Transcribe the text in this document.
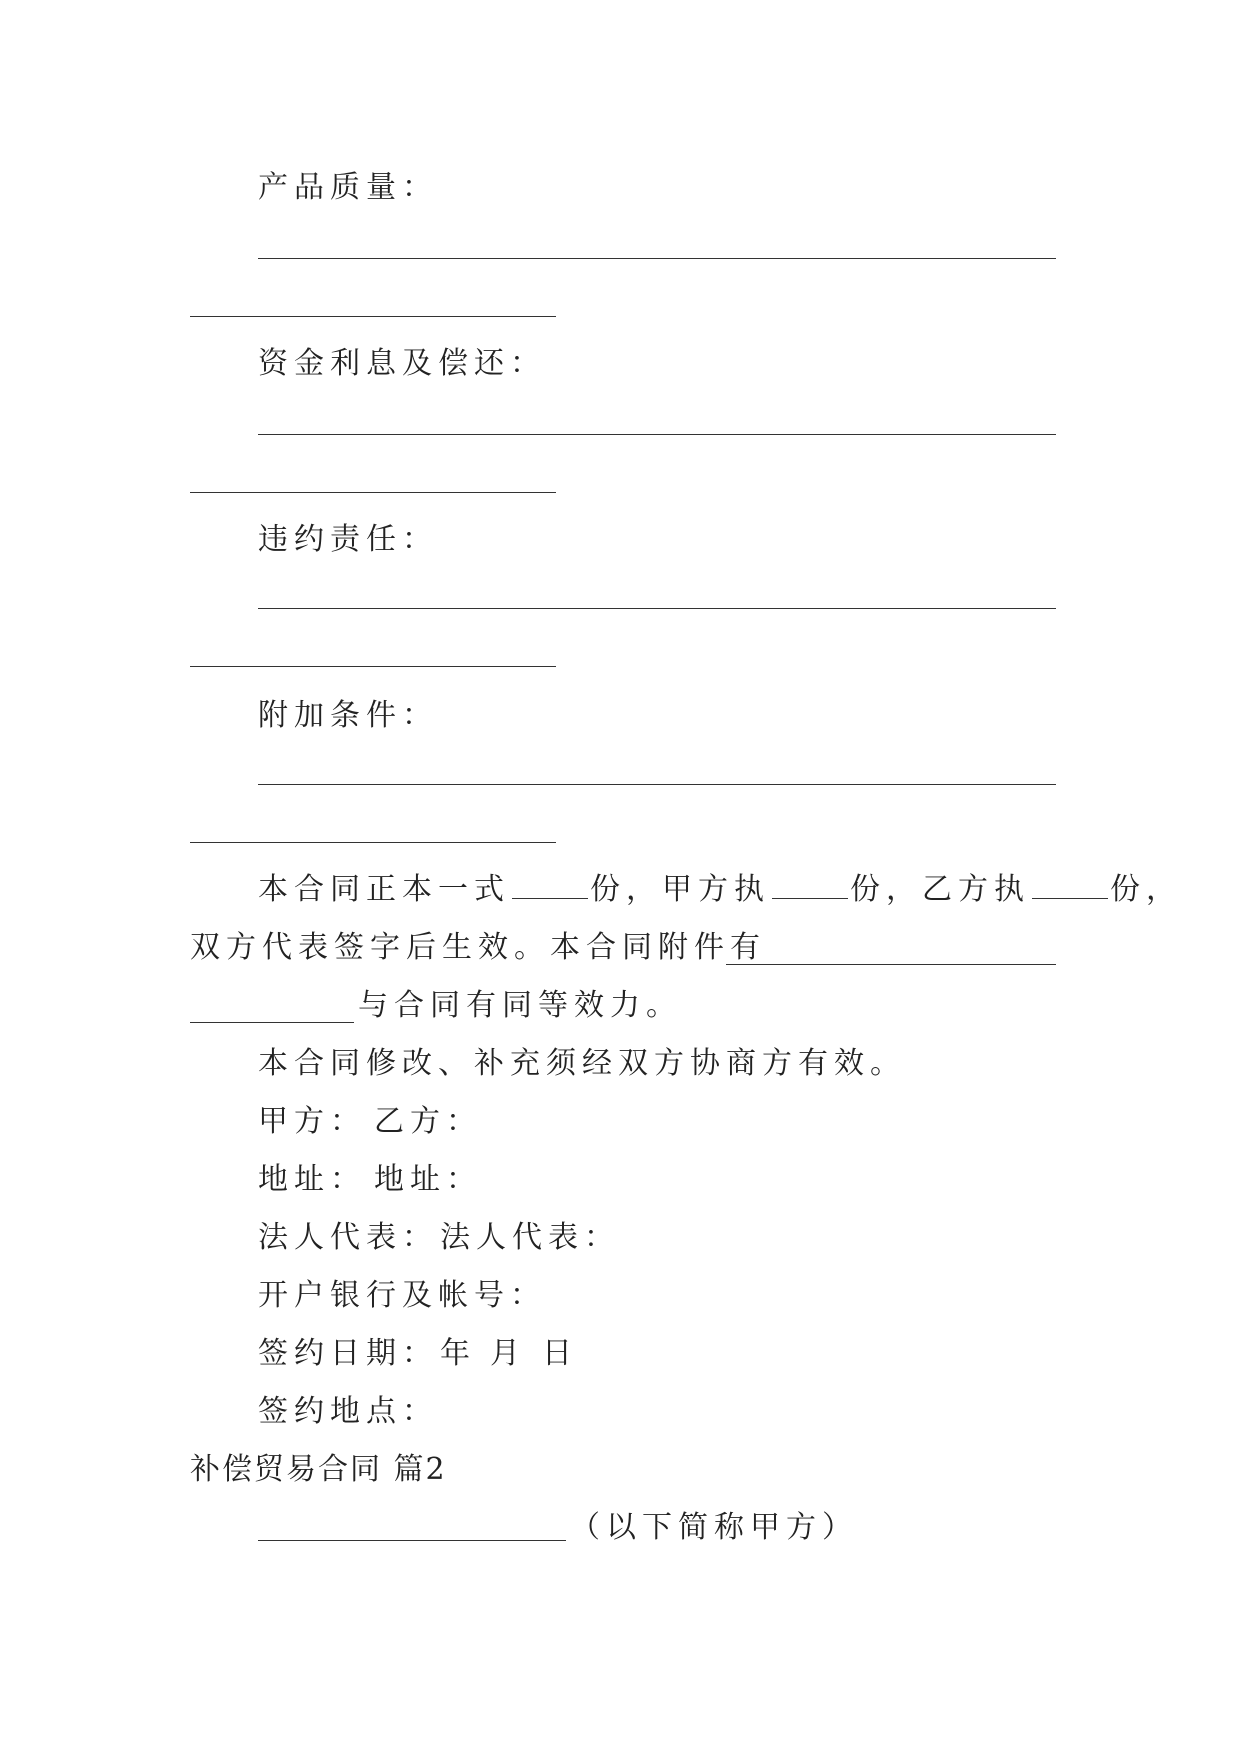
产品质量：
资金利息及偿还：
违约责任：
附加条件：
本合同正本一式	份，甲方执	份，乙方执	份，
双方代表签字后生效。本合同附件有
与合同有同等效力。
本合同修改、补充须经双方协商方有效。
甲方： 乙方：
地址： 地址：
法人代表： 法人代表：
开户银行及帐号：
签约日期： 年 月 日
签约地点：
补偿贸易合同 篇2
（以下简称甲方）
